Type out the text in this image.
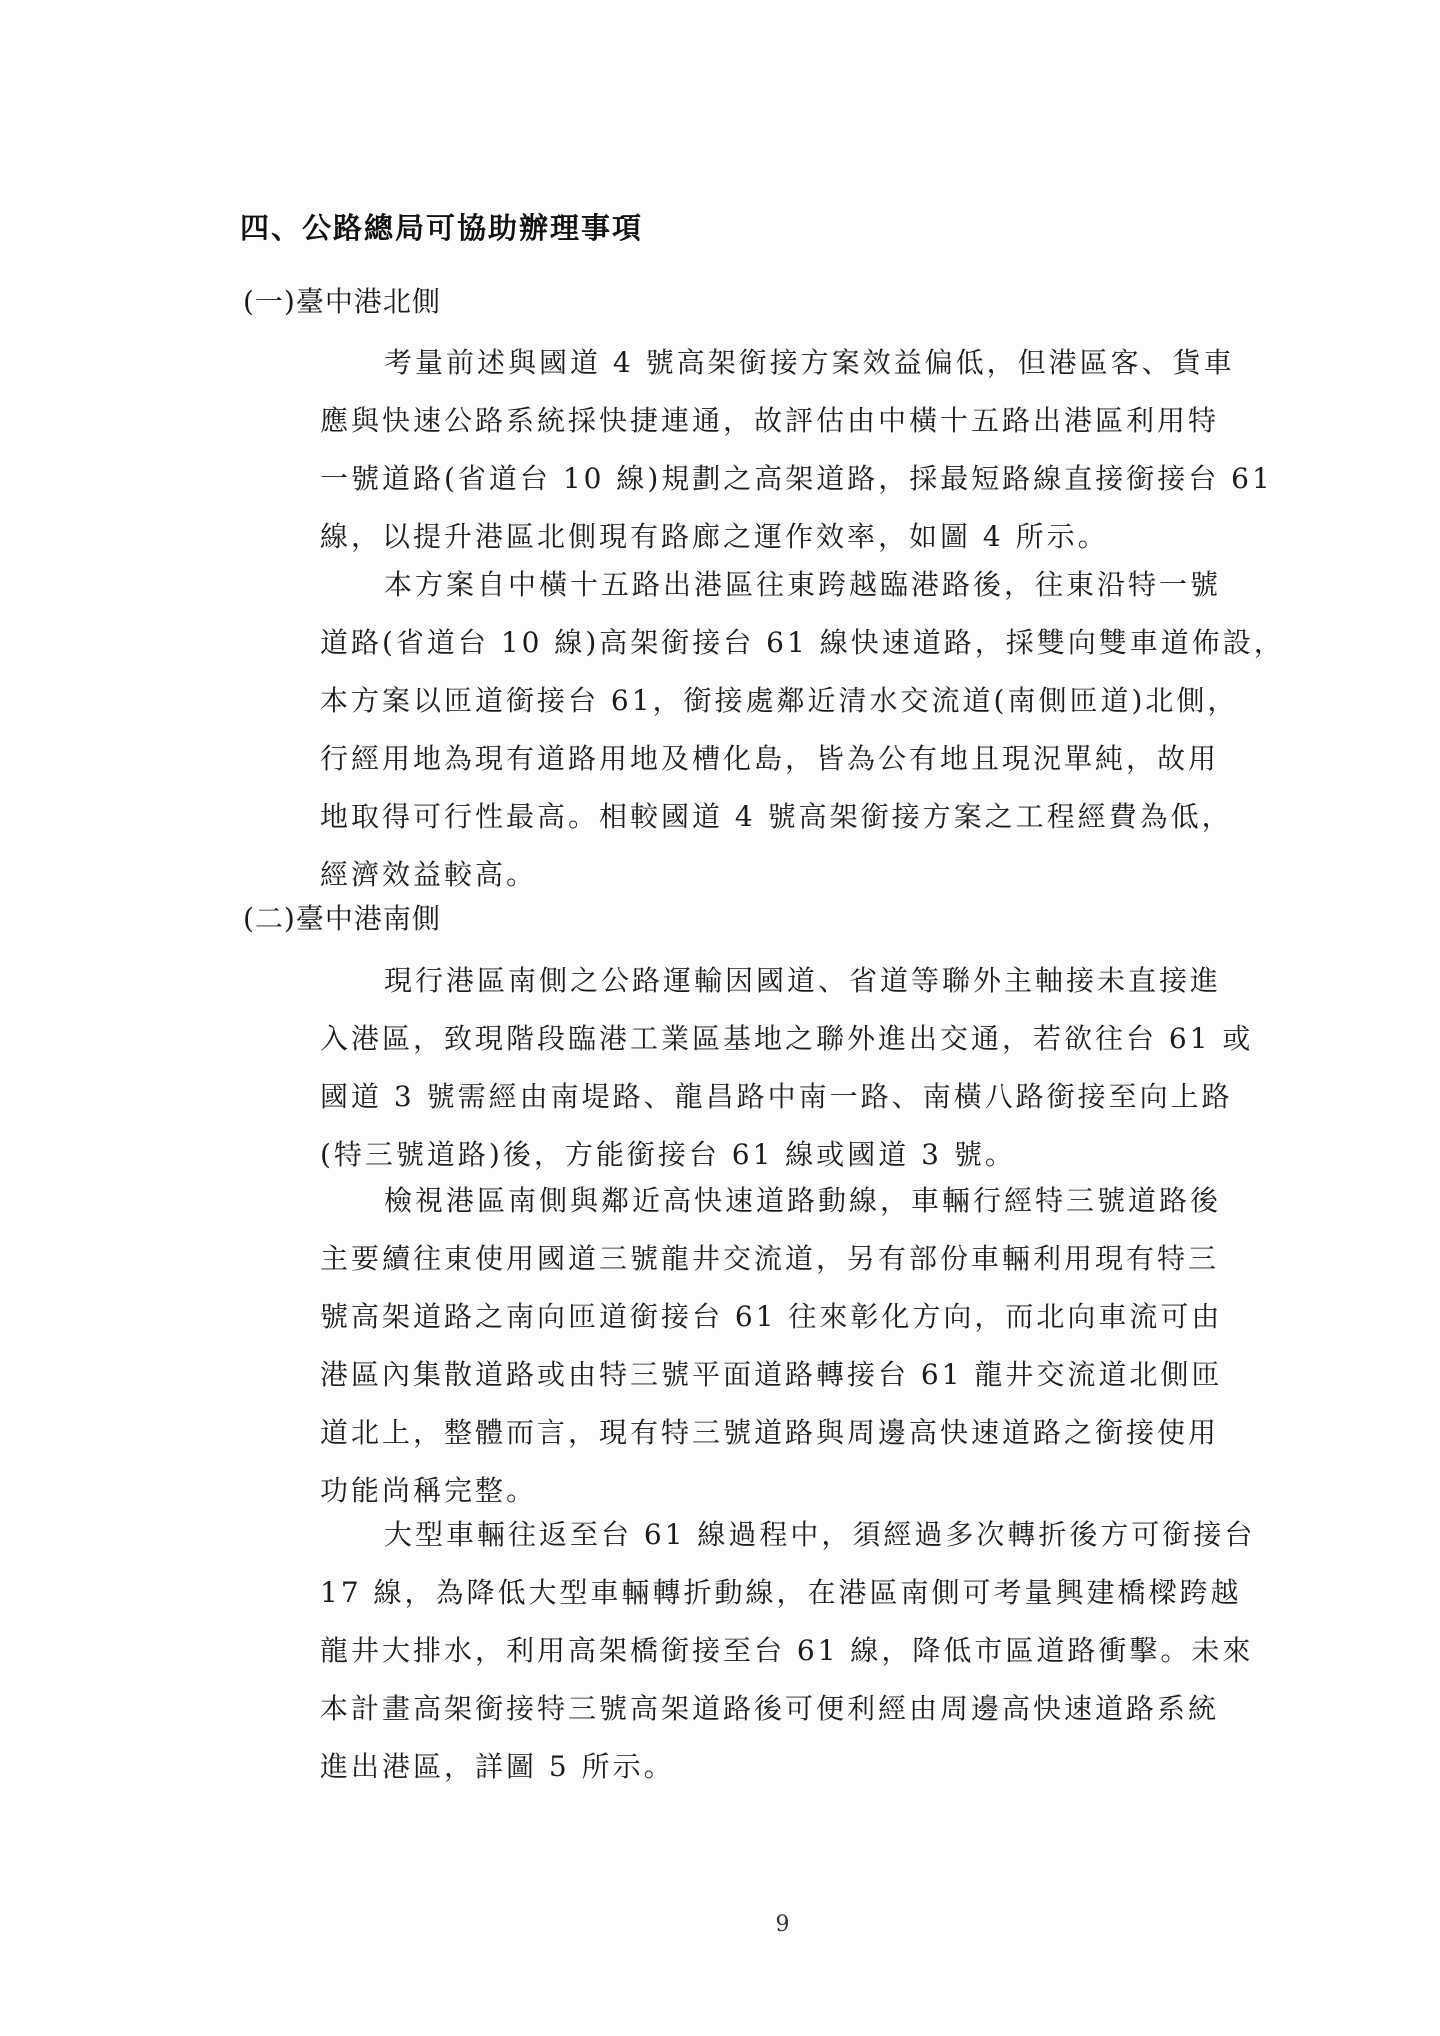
四、公路總局可協助辦理事項
(一)臺中港北側
考量前述與國道 4 號高架銜接方案效益偏低，但港區客、貨車
應與快速公路系統採快捷連通，故評估由中橫十五路出港區利用特
一號道路(省道台 10 線)規劃之高架道路，採最短路線直接銜接台 61
線，以提升港區北側現有路廊之運作效率，如圖 4 所示。
本方案自中橫十五路出港區往東跨越臨港路後，往東沿特一號
道路(省道台 10 線)高架銜接台 61 線快速道路，採雙向雙車道佈設，
本方案以匝道銜接台 61，銜接處鄰近清水交流道(南側匝道)北側，
行經用地為現有道路用地及槽化島，皆為公有地且現況單純，故用
地取得可行性最高。相較國道 4 號高架銜接方案之工程經費為低，
經濟效益較高。
(二)臺中港南側
現行港區南側之公路運輸因國道、省道等聯外主軸接未直接進
入港區，致現階段臨港工業區基地之聯外進出交通，若欲往台 61 或
國道 3 號需經由南堤路、龍昌路中南一路、南橫八路銜接至向上路
(特三號道路)後，方能銜接台 61 線或國道 3 號。
檢視港區南側與鄰近高快速道路動線，車輛行經特三號道路後
主要續往東使用國道三號龍井交流道，另有部份車輛利用現有特三
號高架道路之南向匝道銜接台 61 往來彰化方向，而北向車流可由
港區內集散道路或由特三號平面道路轉接台 61 龍井交流道北側匝
道北上，整體而言，現有特三號道路與周邊高快速道路之銜接使用
功能尚稱完整。
大型車輛往返至台 61 線過程中，須經過多次轉折後方可銜接台
17 線，為降低大型車輛轉折動線，在港區南側可考量興建橋樑跨越
龍井大排水，利用高架橋銜接至台 61 線，降低市區道路衝擊。未來
本計畫高架銜接特三號高架道路後可便利經由周邊高快速道路系統
進出港區，詳圖 5 所示。
9
